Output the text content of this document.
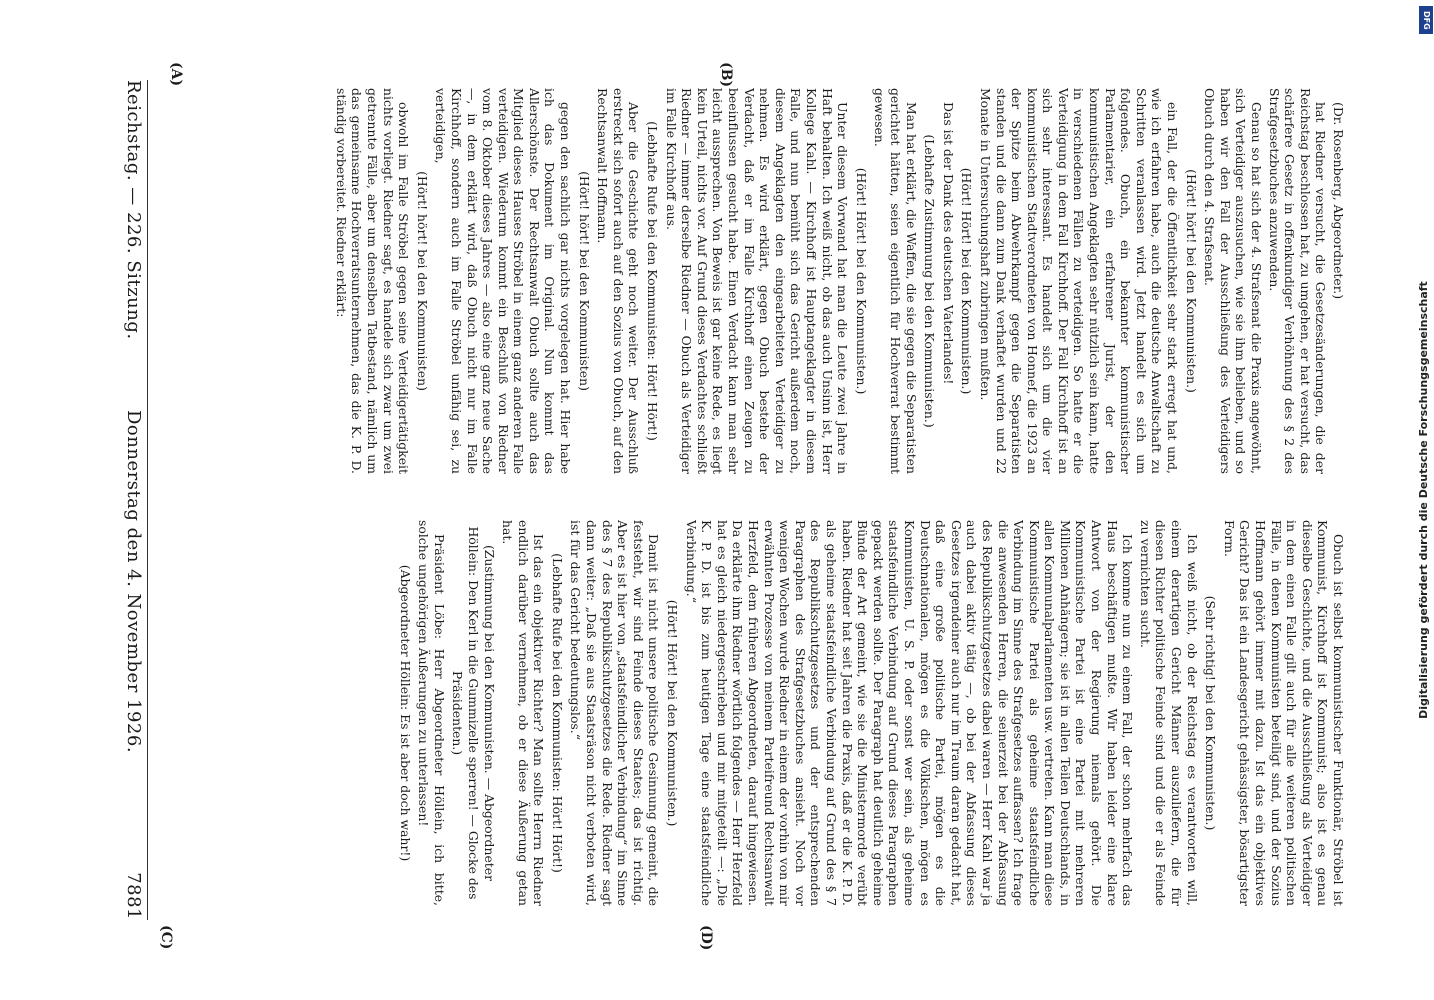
Reichstag. — 226. Sitzung.
Donnerstag den 4. November 1926.
7881
(A)	(B)
(C)	(D)

(Dr. Rosenberg, Abgeordneter.)

hat Riedner versucht, die Gesetzesänderungen, die der Reichstag beschlossen hat, zu umgehen, er hat versucht, das schärfere Gesetz in offenkundiger Verhöhnung des § 2 des Strafgesetzbuches anzuwenden.

Genau so hat sich der 4. Strafsenat die Praxis angewöhnt, sich Verteidiger auszusuchen, wie sie ihm belieben, und so haben wir den Fall der Ausschließung des Verteidigers Obuch durch den 4. Strafsenat.

(Hört! hört! bei den Kommunisten.)

ein Fall, der die Öffentlichkeit sehr stark erregt hat und, wie ich erfahren habe, auch die deutsche Anwaltschaft zu Schritten veranlassen wird. Jetzt handelt es sich um folgendes. Obuch, ein bekannter kommunistischer Parlamentarier, ein erfahrener Jurist, der den kommunistischen Angeklagten sehr nützlich sein kann, hatte in verschiedenen Fällen zu verteidigen. So hatte er die Verteidigung in dem Fall Kirchhoff. Der Fall Kirchhoff ist an sich sehr interessant. Es handelt sich um die vier kommunistischen Stadtverordneten von Honnef, die 1923 an der Spitze beim Abwehrkampf gegen die Separatisten standen und die dann zum Dank verhaftet wurden und 22 Monate in Untersuchungshaft zubringen mußten.

(Hört! Hört! bei den Kommunisten.)

Das ist der Dank des deutschen Vaterlandes!

(Lebhafte Zustimmung bei den Kommunisten.)

Man hat erklärt, die Waffen, die sie gegen die Separatisten gerichtet hätten, seien eigentlich für Hochverrat bestimmt gewesen.

(Hört! Hört! bei den Kommunisten.)

Unter diesem Vorwand hat man die Leute zwei Jahre in Haft behalten. Ich weiß nicht, ob das auch Unsinn ist, Herr Kollege Kahl. — Kirchhoff ist Hauptangeklagter in diesem Falle, und nun bemüht sich das Gericht außerdem noch, diesem Angeklagten den eingearbeiteten Verteidiger zu nehmen. Es wird erklärt, gegen Obuch bestehe der Verdacht, daß er im Falle Kirchhoff einen Zeugen zu beeinflussen gesucht habe. Einen Verdacht kann man sehr leicht aussprechen. Von Beweis ist gar keine Rede, es liegt kein Urteil, nichts vor. Auf Grund dieses Verdachtes schließt Riedner — immer derselbe Riedner — Obuch als Verteidiger im Falle Kirchhoff aus.

(Lebhafte Rufe bei den Kommunisten: Hört! Hört!)

Aber die Geschichte geht noch weiter. Der Ausschluß erstreckt sich sofort auch auf den Sozius von Obuch, auf den Rechtsanwalt Hoffmann.

(Hört! hört! bei den Kommunisten)

gegen den sachlich gar nichts vorgelegen hat. Hier habe ich das Dokument im Original. Nun kommt das Allerschönste. Der Rechtsanwalt Obuch sollte auch das Mitglied dieses Hauses Ströbel in einem ganz anderen Falle verteidigen. Wiederum kommt ein Beschluß von Riedner vom 8. Oktober dieses Jahres — also eine ganz neue Sache —, in dem erklärt wird, daß Obuch nicht nur im Falle Kirchhoff, sondern auch im Falle Ströbel unfähig sei, zu verteidigen,

(Hört! hört! bei den Kommunisten)

obwohl im Falle Ströbel gegen seine Verteidigertätigkeit nichts vorliegt. Riedner sagt, es handele sich zwar um zwei getrennte Fälle, aber um denselben Tatbestand, nämlich um das gemeinsame Hochverratsunternehmen, das die K. P. D. ständig vorbereitet. Riedner erklärt:

Obuch ist selbst kommunistischer Funktionär, Ströbel ist Kommunist, Kirchhoff ist Kommunist; also ist es genau dieselbe Geschichte, und die Ausschließung als Verteidiger in dem einen Falle gilt auch für alle weiteren politischen Fälle, in denen Kommunisten beteiligt sind, und der Sozius Hoffmann gehört immer mit dazu. Ist das ein objektives Gericht? Das ist ein Landesgericht gehässigster, bösartigster Form.

(Sehr richtig! bei den Kommunisten.)

Ich weiß nicht, ob der Reichstag es verantworten will, einem derartigen Gericht Männer auszuliefern, die für diesen Richter politische Feinde sind und die er als Feinde zu vernichten sucht.

Ich komme nun zu einem Fall, der schon mehrfach das Haus beschäftigen mußte. Wir haben leider eine klare Antwort von der Regierung niemals gehört. Die Kommunistische Partei ist eine Partei mit mehreren Millionen Anhängern; sie ist in allen Teilen Deutschlands, in allen Kommunalparlamenten usw. vertreten. Kann man diese Kommunistische Partei als geheime staatsfeindliche Verbindung im Sinne des Strafgesetzes auffassen? Ich frage die anwesenden Herren, die seinerzeit bei der Abfassung des Republikschutzgesetzes dabei waren — Herr Kahl war ja auch dabei aktiv tätig —, ob bei der Abfassung dieses Gesetzes irgendeiner auch nur im Traum daran gedacht hat, daß eine große politische Partei, mögen es die Deutschnationalen, mögen es die Völkischen, mögen es Kommunisten, U. S. P. oder sonst wer sein, als geheime staatsfeindliche Verbindung auf Grund dieses Paragraphen gepackt werden sollte. Der Paragraph hat deutlich geheime Bünde der Art gemeint, wie sie die Ministermorde verübt haben. Riedner hat seit Jahren die Praxis, daß er die K. P. D. als geheime staatsfeindliche Verbindung auf Grund des § 7 des Republikschutzgesetzes und der entsprechenden Paragraphen des Strafgesetzbuches ansieht. Noch vor wenigen Wochen wurde Riedner in einem der vorhin von mir erwähnten Prozesse von meinem Parteifreund Rechtsanwalt Herzfeld, dem früheren Abgeordneten, darauf hingewiesen. Da erklärte ihm Riedner wörtlich folgendes — Herr Herzfeld hat es gleich niedergeschrieben und mir mitgeteilt —: „Die K. P. D. ist bis zum heutigen Tage eine staatsfeindliche Verbindung.“

(Hört! Hört! bei den Kommunisten.)

Damit ist nicht unsere politische Gesinnung gemeint, die feststeht, wir sind Feinde dieses Staates; das ist richtig. Aber es ist hier von „staatsfeindlicher Verbindung“ im Sinne des § 7 des Republikschutzgesetzes die Rede. Riedner sagt dann weiter: „Daß sie aus Staatsräson nicht verboten wird, ist für das Gericht bedeutungslos.“

(Lebhafte Rufe bei den Kommunisten: Hört! Hört!)

Ist das ein objektiver Richter? Man sollte Herrn Riedner endlich darüber vernehmen, ob er diese Äußerung getan hat.

(Zustimmung bei den Kommunisten. — Abgeordneter Höllein: Den Kerl in die Gummizelle sperren! — Glocke des Präsidenten.)

Präsident Löbe: Herr Abgeordneter Höllein, ich bitte, solche ungehörigen Äußerungen zu unterlassen!

(Abgeordneter Höllein: Es ist aber doch wahr!)	Digitalisierung gefördert durch die Deutsche Forschungsgemeinschaft
DFG
